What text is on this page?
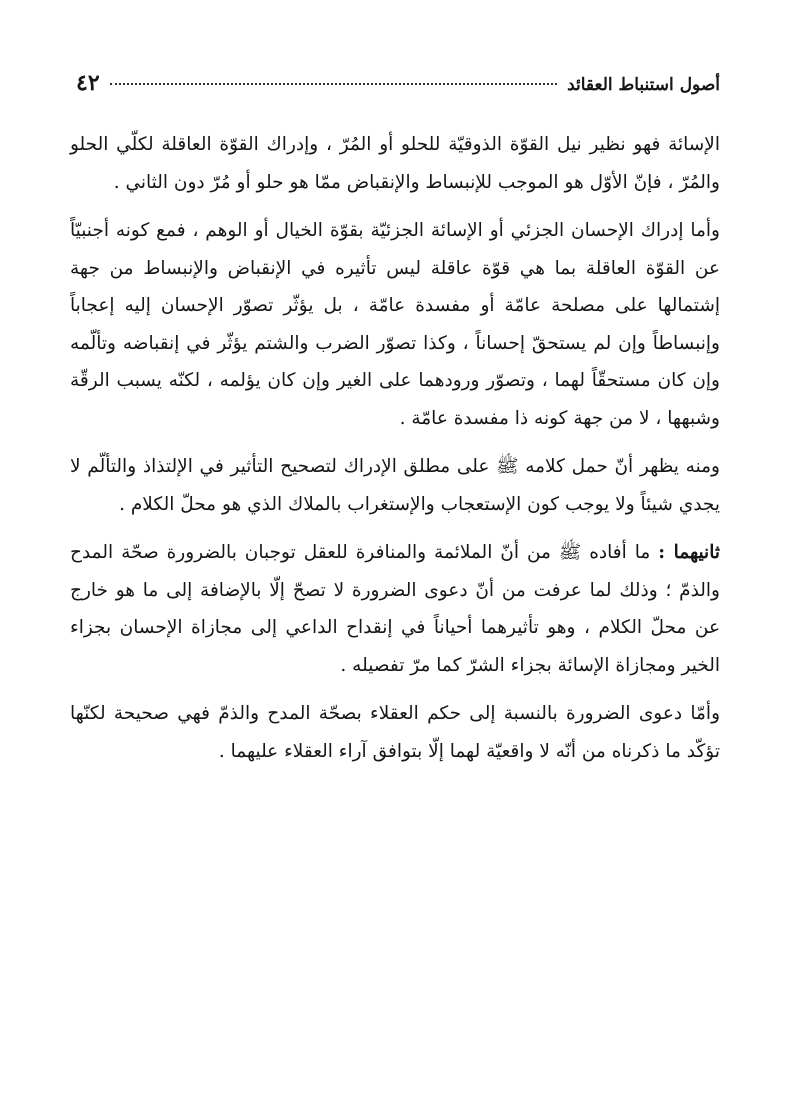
أصول استنباط العقائد
٤٢

الإسائة فهو نظير نيل القوّة الذوقيّة للحلو أو المُرّ ، وإدراك القوّة العاقلة لكلّي الحلو والمُرّ ، فإنّ الأوّل هو الموجب للإنبساط والإنقباض ممّا هو حلو أو مُرّ دون الثاني .

وأما إدراك الإحسان الجزئي أو الإسائة الجزئيّة بقوّة الخيال أو الوهم ، فمع كونه أجنبيّاً عن القوّة العاقلة بما هي قوّة عاقلة ليس تأثيره في الإنقباض والإنبساط من جهة إشتمالها على مصلحة عامّة أو مفسدة عامّة ، بل يؤثّر تصوّر الإحسان إليه إعجاباً وإنبساطاً وإن لم يستحقّ إحساناً ، وكذا تصوّر الضرب والشتم يؤثّر في إنقباضه وتألّمه وإن كان مستحقّاً لهما ، وتصوّر ورودهما على الغير وإن كان يؤلمه ، لكنّه يسبب الرقّة وشبهها ، لا من جهة كونه ذا مفسدة عامّة .

ومنه يظهر أنّ حمل كلامه ﷺ على مطلق الإدراك لتصحيح التأثير في الإلتذاذ والتألّم لا يجدي شيئاً ولا يوجب كون الإستعجاب والإستغراب بالملاك الذي هو محلّ الكلام .

ثانيهما : ما أفاده ﷺ من أنّ الملائمة والمنافرة للعقل توجبان بالضرورة صحّة المدح والذمّ ؛ وذلك لما عرفت من أنّ دعوى الضرورة لا تصحّ إلّا بالإضافة إلى ما هو خارج عن محلّ الكلام ، وهو تأثيرهما أحياناً في إنقداح الداعي إلى مجازاة الإحسان بجزاء الخير ومجازاة الإسائة بجزاء الشرّ كما مرّ تفصيله .

وأمّا دعوى الضرورة بالنسبة إلى حكم العقلاء بصحّة المدح والذمّ فهي صحيحة لكنّها تؤكّد ما ذكرناه من أنّه لا واقعيّة لهما إلّا بتوافق آراء العقلاء عليهما .
